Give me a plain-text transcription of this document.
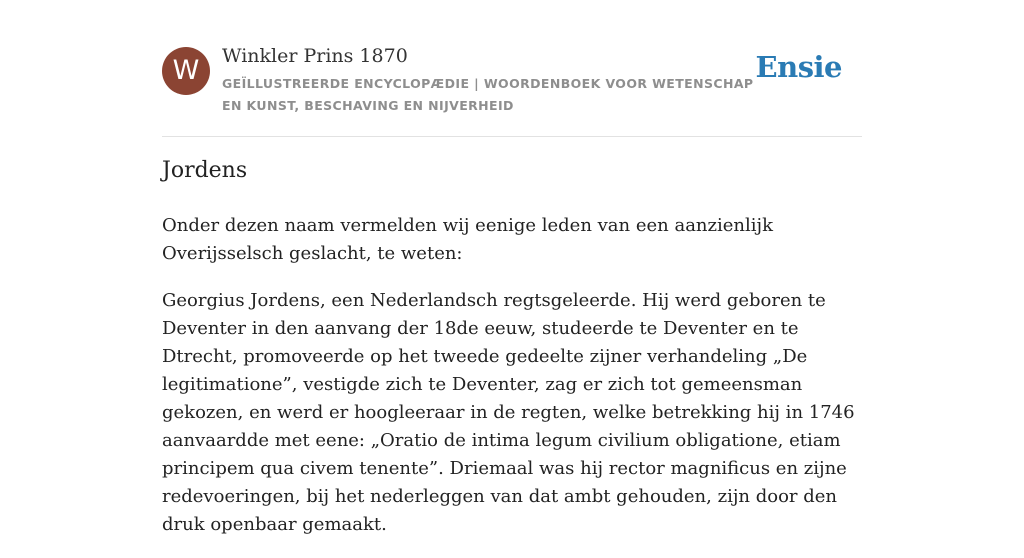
W	Winkler Prins 1870
GEÏLLUSTREERDE ENCYCLOPÆDIE | WOORDENBOEK VOOR WETENSCHAP EN KUNST, BESCHAVING EN NIJVERHEID
Ensie
Jordens

Onder dezen naam vermelden wij eenige leden van een aanzienlijk Overijsselsch geslacht, te weten:

Georgius Jordens, een Nederlandsch regtsgeleerde. Hij werd geboren te Deventer in den aanvang der 18de eeuw, studeerde te Deventer en te Dtrecht, promoveerde op het tweede gedeelte zijner verhandeling „De legitimatione”, vestigde zich te Deventer, zag er zich tot gemeensman gekozen, en werd er hoogleeraar in de regten, welke betrekking hij in 1746 aanvaardde met eene: „Oratio de intima legum civilium obligatione, etiam principem qua civem tenente”. Driemaal was hij rector magnificus en zijne redevoeringen, bij het nederleggen van dat ambt gehouden, zijn door den druk openbaar gemaakt.
